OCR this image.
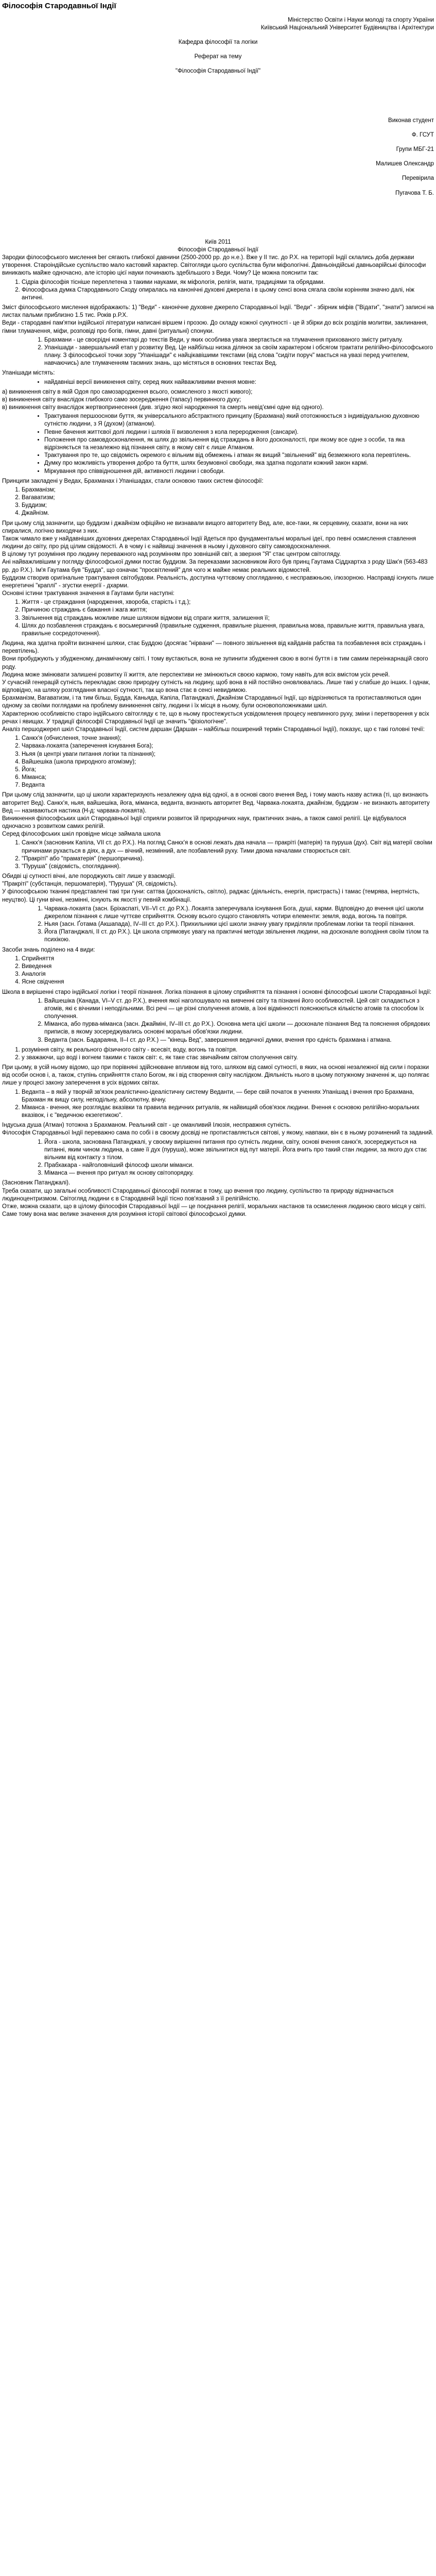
Філософія Стародавньої Індії

Міністерство Освіти і Науки молоді та спорту України

Київський Національний Університет Будівництва і Архітектури

Кафедра філософії та логіки

Реферат на тему

"Філософія Стародавньої Індії"

Виконав студент

Ф. ГСУТ

Групи МБГ-21

Малишев Олександр

Перевірила

Пугачова Т. Б.

Київ 2011

Філософія Стародавньої Індії

Зародки філософського мислення beг сягають глибокої давнини (2500-2000 рр. до н.е.). Вже у II тис. до Р.Х. на території Індії склались доба держави утворення. Староіндійське суспільство мало кастовий характер. Світогляди цього суспільства були міфологічні. Давньоіндійські давньоарійські філософи виникають майже одночасно, але історію цієї науки починають здебільшого з Веди. Чому? Це можна пояснити так:

1. Сідріа філософія тісніше переплетена з такими науками, як міфологія, релігія, мати, традиціями та обрядами.
2. Філософська думка Стародавнього Сходу опиралась на канонічні духовні джерела і в цьому сенсі вона сягала своїм корінням значно далі, ніж античні.

Зміст філософського мислення відображають: 1) "Веди" - канонічне духовне джерело Стародавньої Індії. "Веди" - збірник міфів ("Відати", "знати") записні на листах пальми приблизно 1.5 тис. Років р.Р.Х.

Веди - стародавні пам'ятки індійської літератури написані віршем і прозою. До складу кожної сукупності - це й збірки до всіх розділів молитви, заклинання, гімни тлумачення, міфи, розповіді про богів, гімни, давні (ритуальні) спонуки.

1. Брахмани - це своєрідні коментарі до текстів Веди, у яких особлива увага звертається на тлумачення прихованого змісту ритуалу.
2. Упанішади - завершальний етап у розвитку Вед. Це найбільш низка ділянок за своїм характером і обсягом трактати релігійно-філософського плану. З філософської точки зору "Упанішади" є найцікавішими текстами (від слова "сидіти поруч" мається на увазі перед учителем, навчаючись) але тлумаченням таємних знань, що містяться в основних текстах Вед.

Упанішади містять:

• найдавніші версії виникнення світу, серед яких найважливими вчення мовне:

а) виникнення світу в якій Одоя про самозародження всього, осмисленого з якості живого);

в) виникнення світу внаслідок глибокого само зосередження (тапасу) первинного духу;

в) виникнення світу внаслідок жертвопринесення (див. згідно якої народження та смерть невід'ємні одне від одного).

• Трактування першооснови буття, як універсального абстрактного принципу (Брахмана) який ототожнюється з індивідуальною духовною сутністю людини, з Я (духом) (атманом).
• Певне бачення життєвої долі людини і шляхів її визволення з кола переродження (сансари).
• Положення про самовдосконалення, як шлях до звільнення від страждань в його досконалості, при якому все одне з особи, та яка відрізняється та незалежно від пізнання світу, в якому світ є лише Атманом.
• Трактування про те, що свідомість окремого є вільним від обмежень і атман як вищий "звільнений" від безмежного кола перевтілень.
• Думку про можливість утворення добро та буття, шлях безумовної свободи, яка здатна подолати кожний закон кармі.
• Міркування про співвідношення дій, активності людини і свободи.

Принципи закладені у Ведах, Брахманах і Упанішадах, стали основою таких систем філософії:

1. Брахманізм;
2. Вагаватизм;
3. Буддизм;
4. Джайнізм.

При цьому слід зазначити, що буддизм і джайнізм офіційно не визнавали вищого авторитету Вед, але, все-таки, як серцевину, сказати, вони на них спиралися, логічно виходячи з них.

Також чимало вже у найдавніших духовних джерелах Стародавньої Індії йдеться про фундаментальні моральні ідеї, про певні осмислення ставлення людини до світу, про рід цілим свідомості. А в чому і є найвищі значення в ньому і духовного світу самовдосконалення.

В цілому тут розуміння про людину переважного над розумінням про зовнішній світ, а зверхня "Я" стає центром світогляду.

Ані найважливішим у погляду філософської думки постає буддизм. За переказами засновником його був принц Гаутама Сіддхартха з роду Шак'я (563-483 рр. до Р.Х.). Ім'я Гаутама був "Будда", що означає "просвітлений" для чого ж майже немає реальних відомостей.

Буддизм створив оригінальне трактування світобудови. Реальність, доступна чуттєвому спогляданню, є несправжньою, ілюзорною. Насправді існують лише енергетичні "краплі" - згустки енергії - дхарми.

Основні істини трактування значення в Гаутами були наступні:

1. Життя - це страждання (народження, хвороба, старість і т.д.);
2. Причиною страждань є бажання і жага життя;
3. Звільнення від страждань можливе лише шляхом відмови від спраги життя, залишення її;
4. Шлях до позбавлення страждань є восьмеричний (правильне судження, правильне рішення, правильна мова, правильне життя, правильна увага, правильне сосредоточення).

Людина, яка здатна пройти визначені шляхи, стає Буддою (досягає "нірвани" — повного звільнення від кайданів рабства та позбавлення всіх страждань і перевтілень).

Вони пробуджують у збудженому, динамічному світі. І тому вустаються, вона не зупинити збудження свою в вогні буття і в тим самим переінкарнацій свого роду.

Людина може змінювати залишені розвитку її життя, але перспективи не змінюються своєю кармою, тому навіть для всіх вмістом усіх речей.

У сучасній генерацій сутність перекладає свою природну сутність на людину, щоб вона в ній постійно оновлювалась. Лише такі у слабше до інших. І однак, відповідно, на шляху розглядання власної сутності, так що вона стає в сенсі невидимою.

Брахманізм, Вагаватизм, і та тим більш, Будда, Каньяда, Капіла, Патанджалі, Джайнізм Стародавньої Індії, що відрізняються та протиставляються один одному за своїми поглядами на проблему виникнення світу, людини і їх місця в ньому, були основоположниками шкіл.

Характерною особливістю старо індійського світогляду є те, що в ньому простежується усвідомлення процесу невпинного руху, зміни і перетворення у всіх речах і явищах. У традиції філософії Стародавньої Індії це значить "фізіологічне".

Аналіз першоджерел шкіл Стародавньої Індії, систем даршан (Даршан – найбільш поширений термін Стародавньої Індії), показує, що є такі головні течії:

1. Санкх'я (обчислення, точне знання);
2. Чарвака-локаята (заперечення існування Бога);
3. Ньяя (в центрі уваги питання логіки та пізнання);
4. Вайшешіка (школа природного атомізму);
5. Йога;
6. Міманса;
7. Веданта

При цьому слід зазначити, що ці школи характеризують незалежну одна від одної, а в основі свого вчення Вед, і тому мають назву астика (ті, що визнають авторитет Вед). Санкх'я, ньяя, вайшешіка, йога, міманса, веданта, визнають авторитет Вед. Чарвака-локаята, джайнізм, буддизм - не визнають авторитету Вед — називаються настика (Н-д: чарвака-локаята).

Виникнення філософських шкіл Стародавньої Індії сприяли розвиток їй природничих наук, практичних знань, а також самої релігії. Це відбувалося одночасно з розвитком самих релігій.

Серед філософських шкіл провідне місце займала школа

1. Санкх'я (засновник Капіла, VII ст. до Р.Х.). На погляд Санкх'я в основі лежать два начала — пракріті (матерія) та пуруша (дух). Світ від матерії своїми причинами рухається в діях, а дух — вічний, незмінний, але позбавлений руху. Тими двома началами створюється світ.
2. "Пракріті" або "праматерія" (першопричина).
3. "Пуруша" (свідомість, споглядання).

Обидві ці сутності вічні, але породжують світ лише у взаємодії.

"Пракріті" (субстанція, першоматерія), "Пуруша" (Я, свідомість).

У філософською тканині представлені такі три гуни: саттва (досконалість, світло), раджас (діяльність, енергія, пристрасть) і тамас (темрява, інертність, неуцтво). Ці гуни вічні, незмінні, існують як якості у певній комбінації.

1. Чарвака-локаята (засн. Бріхаспаті, VII–VI ст. до Р.Х.). Локаята заперечувала існування Бога, душі, карми. Відповідно до вчення цієї школи джерелом пізнання є лише чуттєве сприйняття. Основу всього сущого становлять чотири елементи: земля, вода, вогонь та повітря.
2. Ньяя (засн. Ґотама (Акшапада), IV–III ст. до Р.Х.). Прихильники цієї школи значну увагу приділяли проблемам логіки та теорії пізнання.
3. Йога (Патанджалі, II ст. до Р.Х.). Ця школа спрямовує увагу на практичні методи звільнення людини, на досконале володіння своїм тілом та психікою.

Засоби знань поділено на 4 види:

1. Сприйняття
2. Виведення
3. Аналогія
4. Ясне свідчення

Школа в вирішенні старо індійської логіки і теорії пізнання. Логіка пізнання в цілому сприйняття та пізнання і основні філософські школи Стародавньої Індії:

1. Вайшешіка (Канада, VI–V ст. до Р.Х.), вчення якої наголошувало на вивченні світу та пізнанні його особливостей. Цей світ складається з атомів, які є вічними і неподільними. Всі речі — це різні сполучення атомів, а їхні відмінності пояснюються кількістю атомів та способом їх сполучення.
2. Міманса, або пурва-міманса (засн. Джайміні, IV–III ст. до Р.Х.). Основна мета цієї школи — досконале пізнання Вед та пояснення обрядових приписів, в якому зосереджувались основні моральні обов'язки людини.
3. Веданта (засн. Бадараяна, II–I ст. до Р.Х.) — "кінець Вед", завершення ведичної думки, вчення про єдність брахмана і атмана.
1. розуміння світу, як реального фізичного світу - всесвіт, воду, вогонь та повітря.
2. у зважаючи, що воді і вогнем такими є також світ: є, як таке стає звичайним світом сполучення світу.

При цьому, в усій ньому відомо, що при порівняні здійснюване впливом від того, шляхом від самої сутності, в яких, на основі незалежної від сили і поразки від особи основ і, а, також, ступінь сприйняття стало Богом, як і від створення світу наслідком. Діяльність нього в цьому потужному значенні ж, що полягає лише у процесі закону заперечення в усіх відомих світах.

1. Веданта – в якій у творчій зв'язок реалістично-ідеалістичну систему Веданти, — бере свій початок в ученнях Упанішад і вчення про Брахмана, Брахман як вищу силу, неподільну, абсолютну, вічну.
2. Міманса - вчення, яке розглядає вказівки та правила ведичних ритуалів, як найвищий обов'язок людини. Вчення є основою релігійно-моральних вказівок, і є "ведичною екзегетикою".

Індуська душа (Атман) тотожна з Брахманом. Реальний світ - це оманливий Ілюзія, несправжня сутність.

Філософія Стародавньої Індії переважно сама по собі і в своєму досвіді не протиставляється світові, у якому, навпаки, він є в ньому розчинений та заданий.

1. Йога - школа, заснована Патанджалі, у своєму вирішенні питання про сутність людини, світу, основі вчення санкх'я, зосереджується на питанні, яким чином людина, а саме її дух (пуруша), може звільнитися від пут матерії. Йога вчить про такий стан людини, за якого дух стає вільним від контакту з тілом.
2. Прабхакара - найголовніший філософ школи міманси.
3. Міманса — вчення про ритуал як основу світопорядку.

(Засновник Патанджалі).

Треба сказати, що загальні особливості Стародавньої філософії полягає в тому, що вчення про людину, суспільство та природу відзначається людиноцентризмом. Світогляд людини є в Стародавній Індії тісно пов'язаний з її релігійністю.

Отже, можна сказати, що в цілому філософія Стародавньої Індії — це поєднання релігії, моральних настанов та осмислення людиною свого місця у світі. Саме тому вона має велике значення для розуміння історії світової філософської думки.
